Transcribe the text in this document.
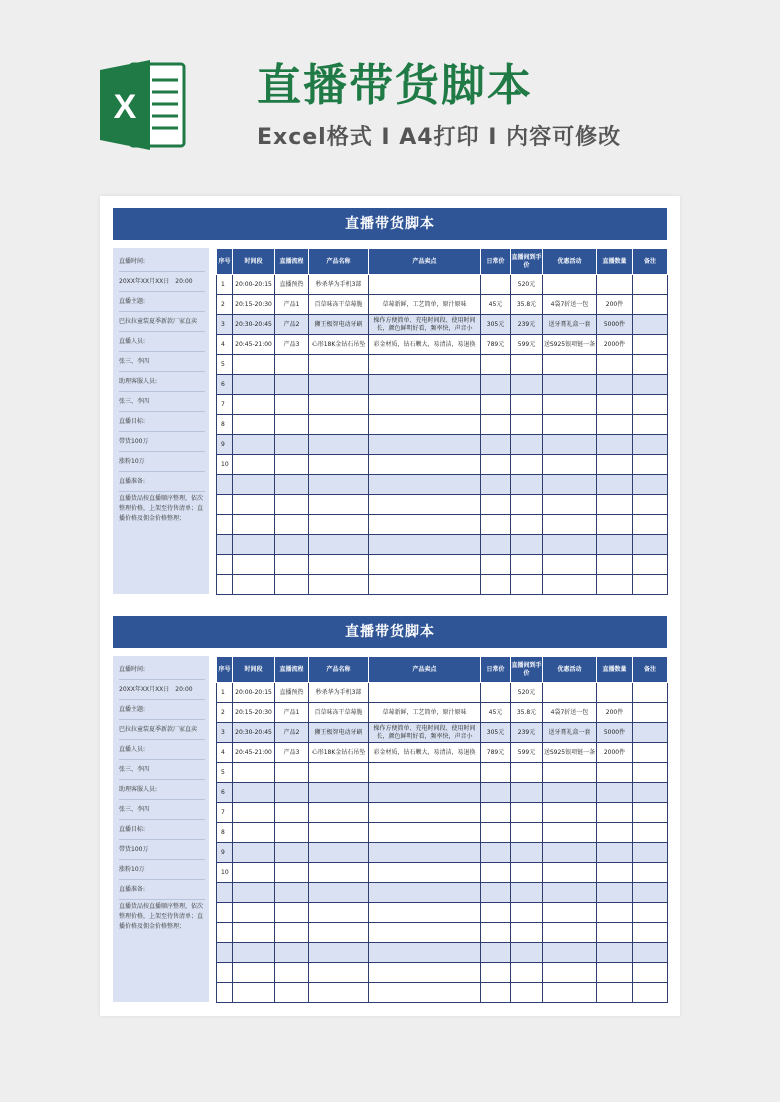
X	直播带货脚本
Excel格式 I A4打印 I 内容可修改
直播带货脚本
直播时间:
20XX年XX月XX日　20:00
直播主题:
巴拉拉童装夏季新款厂家直卖
直播人员:
张三、李四
助理客服人员:
张三、李四
直播目标:
带货100万
涨粉10万
直播准备:
直播货品按直播顺序整理，依次整理价格，上架至待售清单；直播价格及佣金价格整理；
序号	时间段	直播流程	产品名称	产品卖点	日常价	直播间到手价	优惠活动	直播数量	备注
1	20:00-20:15	直播预热	秒杀华为手机3部			520元			
2	20:15-20:30	产品1	百草味冻干草莓脆	草莓新鲜，工艺简单，原汁原味	45元	35.8元	4袋7折送一包	200件	
3	20:30-20:45	产品2	狮王极智电动牙刷	操作方便简单、充电时间段、使用时间长，颜色鲜明好看，频率快，声音小	305元	239元	送牙膏礼盒一套	5000件	
4	20:45-21:00	产品3	心形18K金钻石吊坠	彩金材质，钻石颗大，易清洁，易退换	789元	599元	送S925银项链一条	2000件	
5									
6									
7									
8									
9									
10									

直播带货脚本
直播时间:
20XX年XX月XX日　20:00
直播主题:
巴拉拉童装夏季新款厂家直卖
直播人员:
张三、李四
助理客服人员:
张三、李四
直播目标:
带货100万
涨粉10万
直播准备:
直播货品按直播顺序整理，依次整理价格，上架至待售清单；直播价格及佣金价格整理；
序号	时间段	直播流程	产品名称	产品卖点	日常价	直播间到手价	优惠活动	直播数量	备注
1	20:00-20:15	直播预热	秒杀华为手机3部			520元			
2	20:15-20:30	产品1	百草味冻干草莓脆	草莓新鲜，工艺简单，原汁原味	45元	35.8元	4袋7折送一包	200件	
3	20:30-20:45	产品2	狮王极智电动牙刷	操作方便简单、充电时间段、使用时间长，颜色鲜明好看，频率快，声音小	305元	239元	送牙膏礼盒一套	5000件	
4	20:45-21:00	产品3	心形18K金钻石吊坠	彩金材质，钻石颗大，易清洁，易退换	789元	599元	送S925银项链一条	2000件	
5									
6									
7									
8									
9									
10									
